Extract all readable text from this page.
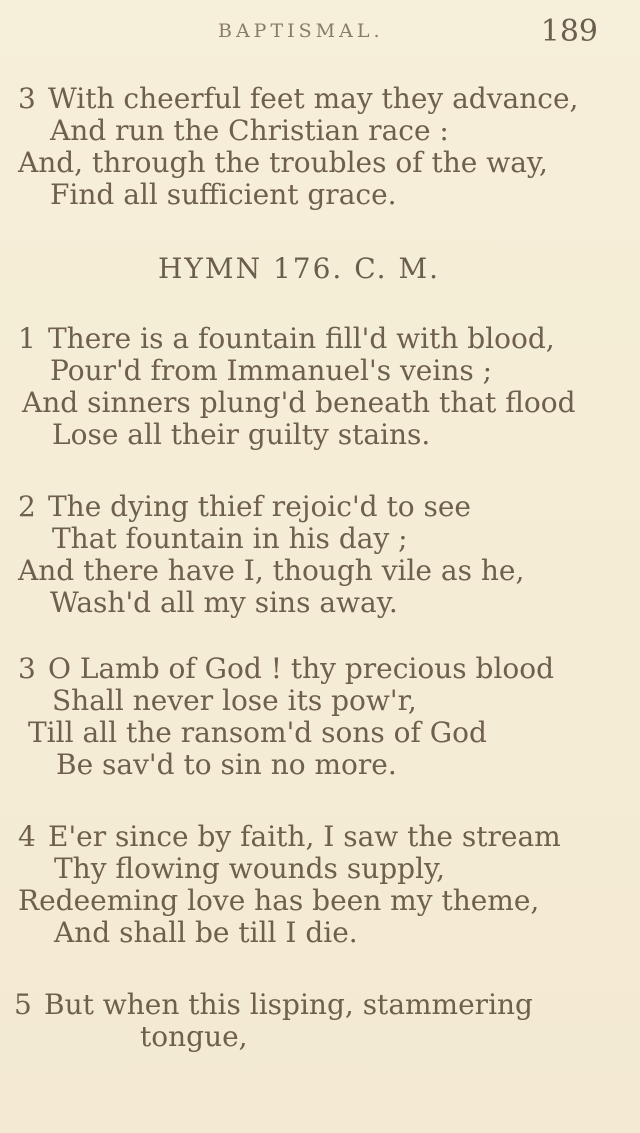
BAPTISMAL.	189
3 With cheerful feet may they advance,
And run the Christian race :
And, through the troubles of the way,
Find all sufficient grace.
HYMN 176. C. M.
1 There is a fountain fill'd with blood,
Pour'd from Immanuel's veins ;
And sinners plung'd beneath that flood
Lose all their guilty stains.
2 The dying thief rejoic'd to see
That fountain in his day ;
And there have I, though vile as he,
Wash'd all my sins away.
3 O Lamb of God ! thy precious blood
Shall never lose its pow'r,
Till all the ransom'd sons of God
Be sav'd to sin no more.
4 E'er since by faith, I saw the stream
Thy flowing wounds supply,
Redeeming love has been my theme,
And shall be till I die.
5 But when this lisping, stammering
tongue,
